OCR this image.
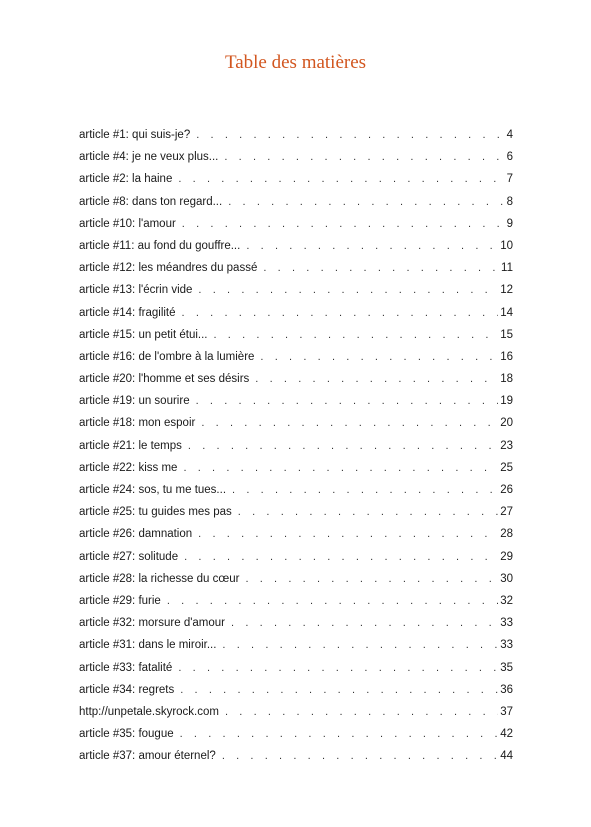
Table des matières
article #1: qui suis-je? . . .	4
article #4: je ne veux plus... . . .	6
article #2: la haine . . .	7
article #8: dans ton regard... . . .	8
article #10: l'amour . . .	9
article #11: au fond du gouffre... . . .	10
article #12: les méandres du passé . . .	11
article #13: l'écrin vide . . .	12
article #14: fragilité . . .	14
article #15: un petit étui... . . .	15
article #16: de l'ombre à la lumière . . .	16
article #20: l'homme et ses désirs . . .	18
article #19: un sourire . . .	19
article #18: mon espoir . . .	20
article #21: le temps . . .	23
article #22: kiss me . . .	25
article #24: sos, tu me tues... . . .	26
article #25: tu guides mes pas . . .	27
article #26: damnation . . .	28
article #27: solitude . . .	29
article #28: la richesse du cœur . . .	30
article #29: furie . . .	32
article #32: morsure d'amour . . .	33
article #31: dans le miroir... . . .	33
article #33: fatalité . . .	35
article #34: regrets . . .	36
http://unpetale.skyrock.com . . .	37
article #35: fougue . . .	42
article #37: amour éternel? . . .	44
